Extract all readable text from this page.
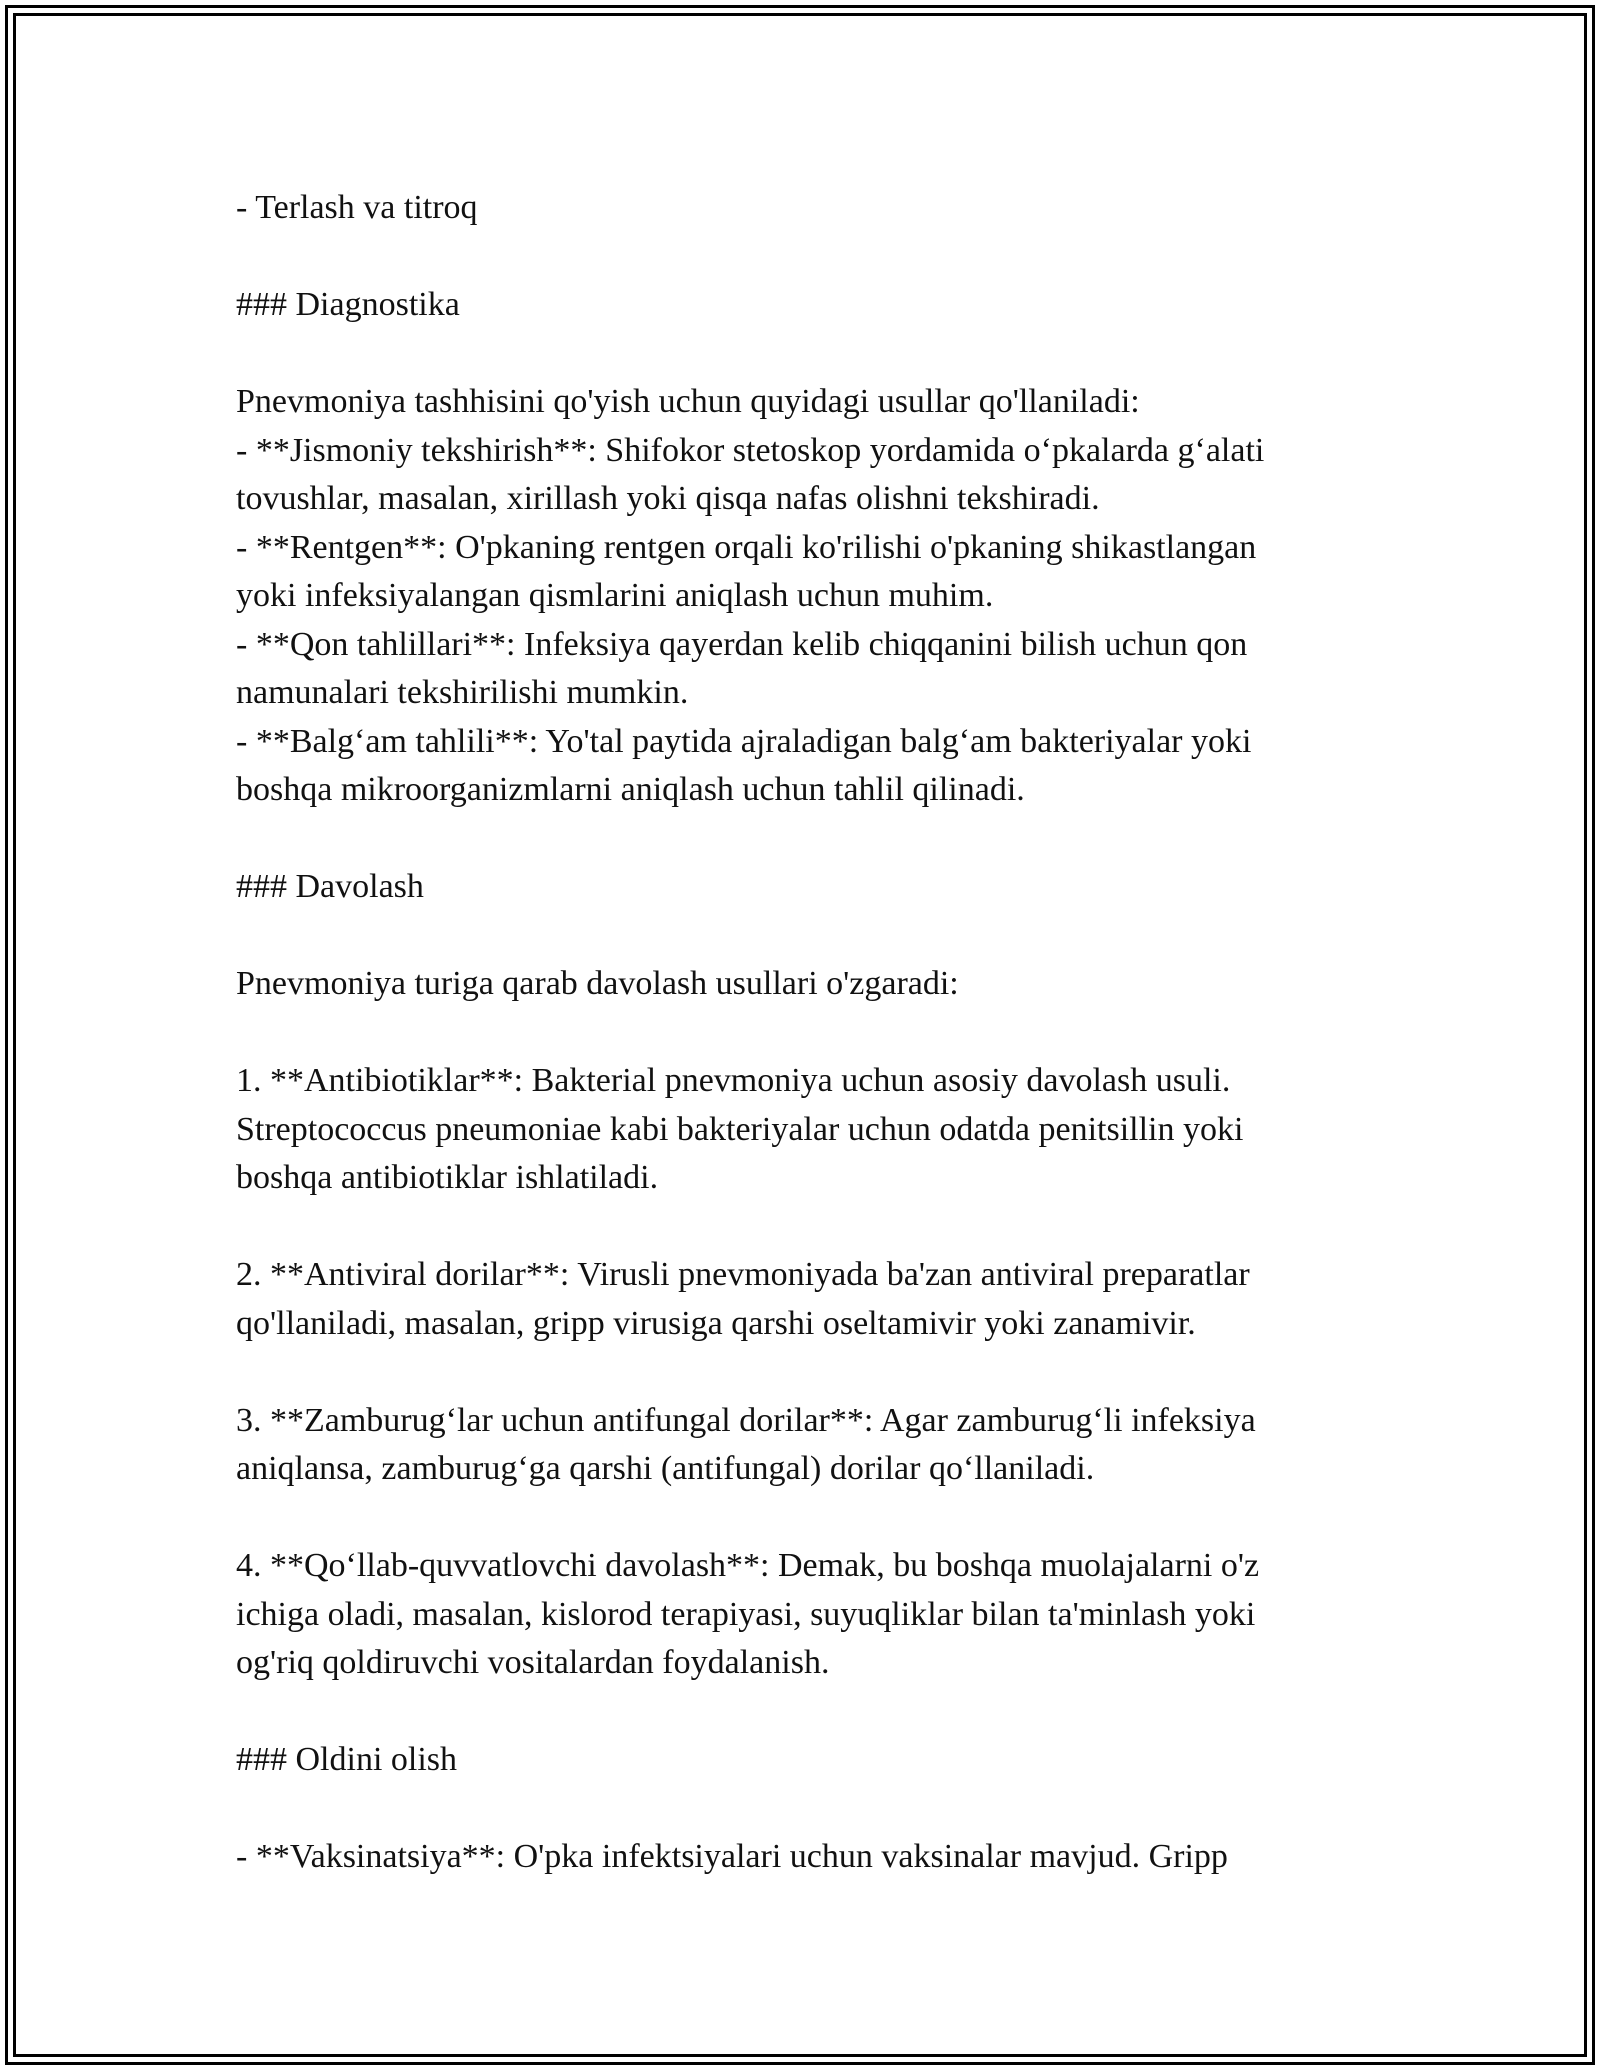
- Terlash va titroq
### Diagnostika
Pnevmoniya tashhisini qo'yish uchun quyidagi usullar qo'llaniladi:
- **Jismoniy tekshirish**: Shifokor stetoskop yordamida o‘pkalarda g‘alati
tovushlar, masalan, xirillash yoki qisqa nafas olishni tekshiradi.
- **Rentgen**: O'pkaning rentgen orqali ko'rilishi o'pkaning shikastlangan
yoki infeksiyalangan qismlarini aniqlash uchun muhim.
- **Qon tahlillari**: Infeksiya qayerdan kelib chiqqanini bilish uchun qon
namunalari tekshirilishi mumkin.
- **Balg‘am tahlili**: Yo'tal paytida ajraladigan balg‘am bakteriyalar yoki
boshqa mikroorganizmlarni aniqlash uchun tahlil qilinadi.
### Davolash
Pnevmoniya turiga qarab davolash usullari o'zgaradi:
1. **Antibiotiklar**: Bakterial pnevmoniya uchun asosiy davolash usuli.
Streptococcus pneumoniae kabi bakteriyalar uchun odatda penitsillin yoki
boshqa antibiotiklar ishlatiladi.
2. **Antiviral dorilar**: Virusli pnevmoniyada ba'zan antiviral preparatlar
qo'llaniladi, masalan, gripp virusiga qarshi oseltamivir yoki zanamivir.
3. **Zamburug‘lar uchun antifungal dorilar**: Agar zamburug‘li infeksiya
aniqlansa, zamburug‘ga qarshi (antifungal) dorilar qo‘llaniladi.
4. **Qo‘llab-quvvatlovchi davolash**: Demak, bu boshqa muolajalarni o'z
ichiga oladi, masalan, kislorod terapiyasi, suyuqliklar bilan ta'minlash yoki
og'riq qoldiruvchi vositalardan foydalanish.
### Oldini olish
- **Vaksinatsiya**: O'pka infektsiyalari uchun vaksinalar mavjud. Gripp
